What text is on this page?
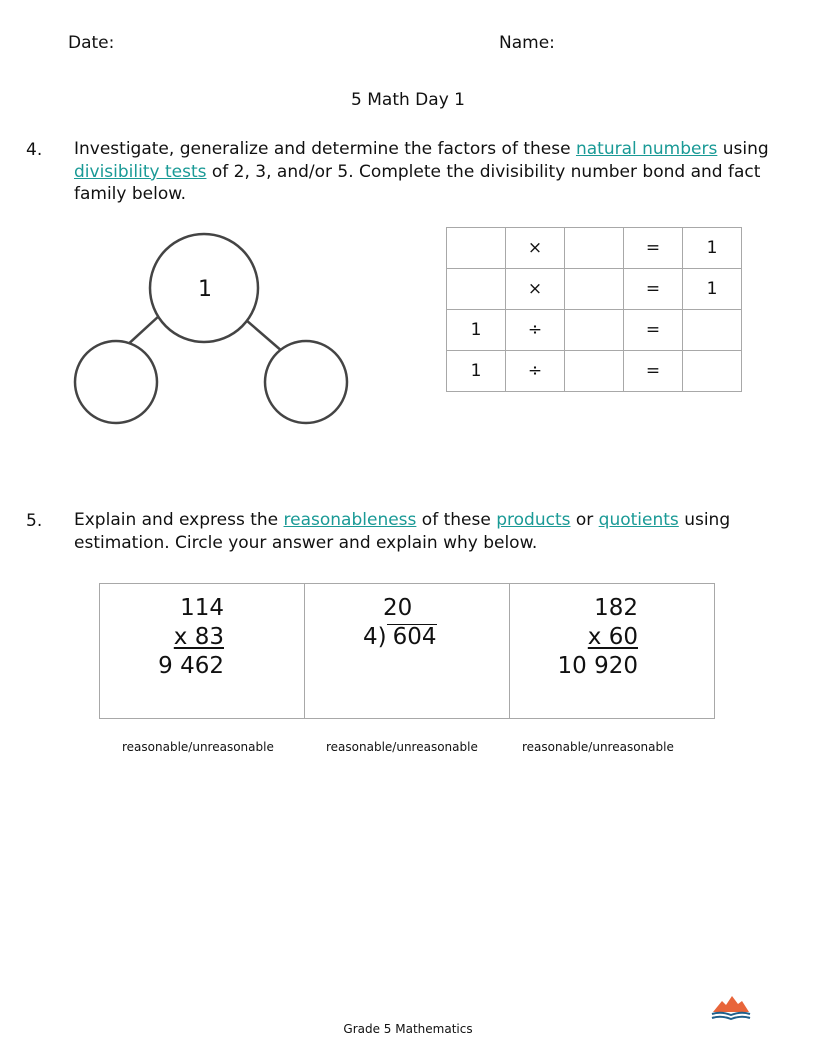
Date:	Name:
5 Math Day 1
4. Investigate, generalize and determine the factors of these natural numbers using divisibility tests of 2, 3, and/or 5. Complete the divisibility number bond and fact family below.
1
	×		=	1
	×		=	1
1	÷		=	
1	÷		=	
5. Explain and express the reasonableness of these products or quotients using estimation. Circle your answer and explain why below.
114
x 83
9 462

20
4) 604

182
x 60
10 920
reasonable/unreasonable	reasonable/unreasonable	reasonable/unreasonable
Grade 5 Mathematics
